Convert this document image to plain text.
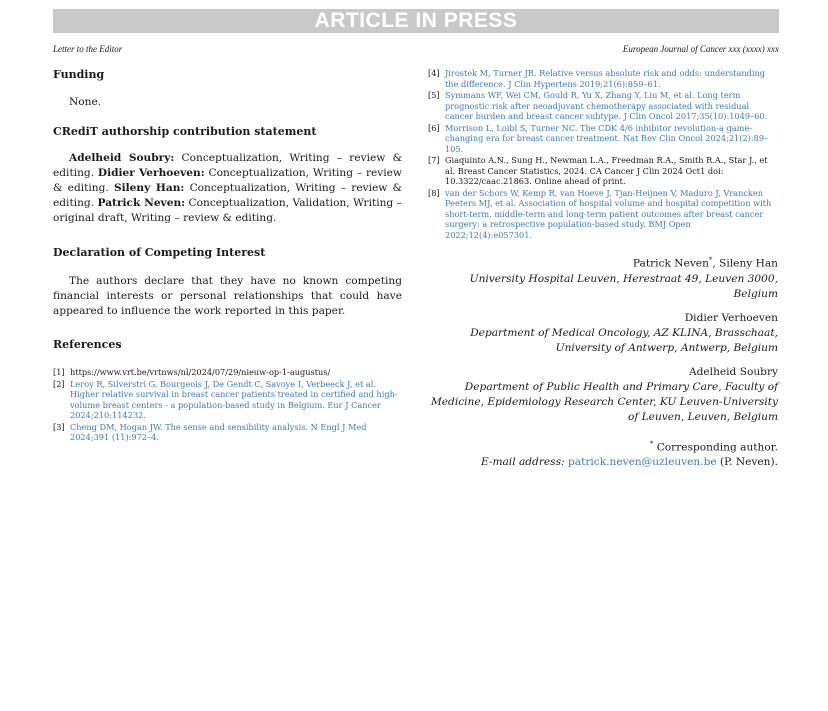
ARTICLE IN PRESS
Letter to the Editor	European Journal of Cancer xxx (xxxx) xxx
Funding

None.

CRediT authorship contribution statement

Adelheid Soubry: Conceptualization, Writing – review & editing. Didier Verhoeven: Conceptualization, Writing – review & editing. Sileny Han: Conceptualization, Writing – review & editing. Patrick Neven: Conceptualization, Validation, Writing – original draft, Writing – review & editing.

Declaration of Competing Interest

The authors declare that they have no known competing financial interests or personal relationships that could have appeared to influence the work reported in this paper.

References
[1] https://www.vrt.be/vrtnws/nl/2024/07/29/nieuw-op-1-augustus/
[2] Leroy R, Silverstri G, Bourgeois J, De Gendt C, Savoye I, Verbeeck J, et al. Higher relative survival in breast cancer patients treated in certified and high-volume breast centers - a population-based study in Belgium. Eur J Cancer 2024;210:114232.
[3] Cheng DM, Hogan JW. The sense and sensibility analysis. N Engl J Med 2024;391 (11):972–4.
[4] Jirostek M, Turner JR. Relative versus absolute risk and odds: understanding the difference. J Clin Hypertens 2019;21(6):859–61.
[5] Symmans WF, Wei CM, Gould R, Yu X, Zhang Y, Liu M, et al. Long term prognostic risk after neoadjuvant chemotherapy associated with residual cancer burden and breast cancer subtype. J Clin Oncol 2017;35(10):1049–60.
[6] Morrison L, Loibl S, Turner NC. The CDK 4/6 inhibitor revolution-a game-changing era for breast cancer treatment. Nat Rev Clin Oncol 2024;21(2):89–105.
[7] Giaquinto A.N., Sung H., Newman L.A., Freedman R.A., Smith R.A., Star J., et al. Breast Cancer Statistics, 2024. CA Cancer J Clin 2024 Oct1 doi: 10.3322/caac.21863. Online ahead of print.
[8] van der Schors W, Kemp R, van Hoeve J, Tjan-Heijnen V, Maduro J, Vrancken Peeters MJ, et al. Association of hospital volume and hospital competition with short-term, middle-term and long-term patient outcomes after breast cancer surgery: a retrospective population-based study. BMJ Open 2022;12(4):e057301.

Patrick Neven*, Sileny Han

University Hospital Leuven, Herestraat 49, Leuven 3000, Belgium

Didier Verhoeven

Department of Medical Oncology, AZ KLINA, Brasschaat, University of Antwerp, Antwerp, Belgium

Adelheid Soubry

Department of Public Health and Primary Care, Faculty of Medicine, Epidemiology Research Center, KU Leuven-University of Leuven, Leuven, Belgium

* Corresponding author.

E-mail address: patrick.neven@uzleuven.be (P. Neven).
